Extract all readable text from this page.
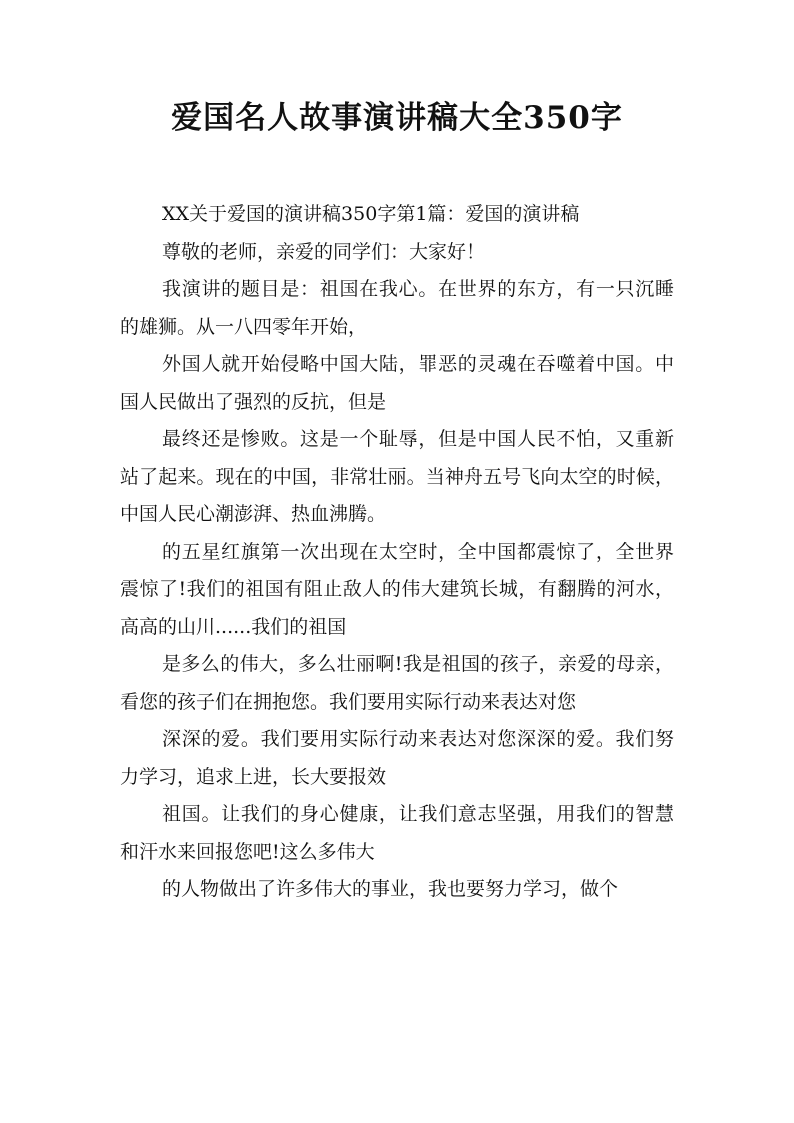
爱国名人故事演讲稿大全350字

XX关于爱国的演讲稿350字第1篇：爱国的演讲稿

尊敬的老师，亲爱的同学们：大家好！

我演讲的题目是：祖国在我心。在世界的东方，有一只沉睡的雄狮。从一八四零年开始，

外国人就开始侵略中国大陆，罪恶的灵魂在吞噬着中国。中国人民做出了强烈的反抗，但是

最终还是惨败。这是一个耻辱，但是中国人民不怕，又重新站了起来。现在的中国，非常壮丽。当神舟五号飞向太空的时候，中国人民心潮澎湃、热血沸腾。

的五星红旗第一次出现在太空时，全中国都震惊了，全世界震惊了!我们的祖国有阻止敌人的伟大建筑长城，有翻腾的河水，高高的山川......我们的祖国

是多么的伟大，多么壮丽啊!我是祖国的孩子，亲爱的母亲，看您的孩子们在拥抱您。我们要用实际行动来表达对您

深深的爱。我们要用实际行动来表达对您深深的爱。我们努力学习，追求上进，长大要报效

祖国。让我们的身心健康，让我们意志坚强，用我们的智慧和汗水来回报您吧!这么多伟大

的人物做出了许多伟大的事业，我也要努力学习，做个
